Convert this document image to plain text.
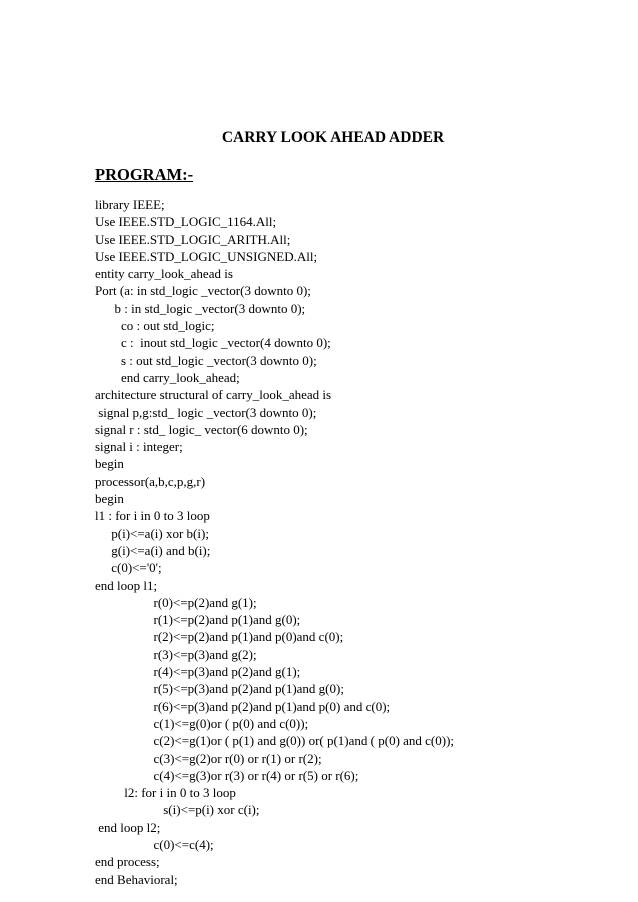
CARRY LOOK AHEAD ADDER
PROGRAM:-
library IEEE;
Use IEEE.STD_LOGIC_1164.All;
Use IEEE.STD_LOGIC_ARITH.All;
Use IEEE.STD_LOGIC_UNSIGNED.All;
entity carry_look_ahead is
Port (a: in std_logic _vector(3 downto 0);
b : in std_logic _vector(3 downto 0);
co : out std_logic;
c :  inout std_logic _vector(4 downto 0);
s : out std_logic _vector(3 downto 0);
end carry_look_ahead;
architecture structural of carry_look_ahead is
signal p,g:std_ logic _vector(3 downto 0);
signal r : std_ logic_ vector(6 downto 0);
signal i : integer;
begin
processor(a,b,c,p,g,r)
begin
l1 : for i in 0 to 3 loop
p(i)<=a(i) xor b(i);
g(i)<=a(i) and b(i);
c(0)<='0';
end loop l1;
r(0)<=p(2)and g(1);
r(1)<=p(2)and p(1)and g(0);
r(2)<=p(2)and p(1)and p(0)and c(0);
r(3)<=p(3)and g(2);
r(4)<=p(3)and p(2)and g(1);
r(5)<=p(3)and p(2)and p(1)and g(0);
r(6)<=p(3)and p(2)and p(1)and p(0) and c(0);
c(1)<=g(0)or ( p(0) and c(0));
c(2)<=g(1)or ( p(1) and g(0)) or( p(1)and ( p(0) and c(0));
c(3)<=g(2)or r(0) or r(1) or r(2);
c(4)<=g(3)or r(3) or r(4) or r(5) or r(6);
l2: for i in 0 to 3 loop
s(i)<=p(i) xor c(i);
end loop l2;
c(0)<=c(4);
end process;
end Behavioral;
